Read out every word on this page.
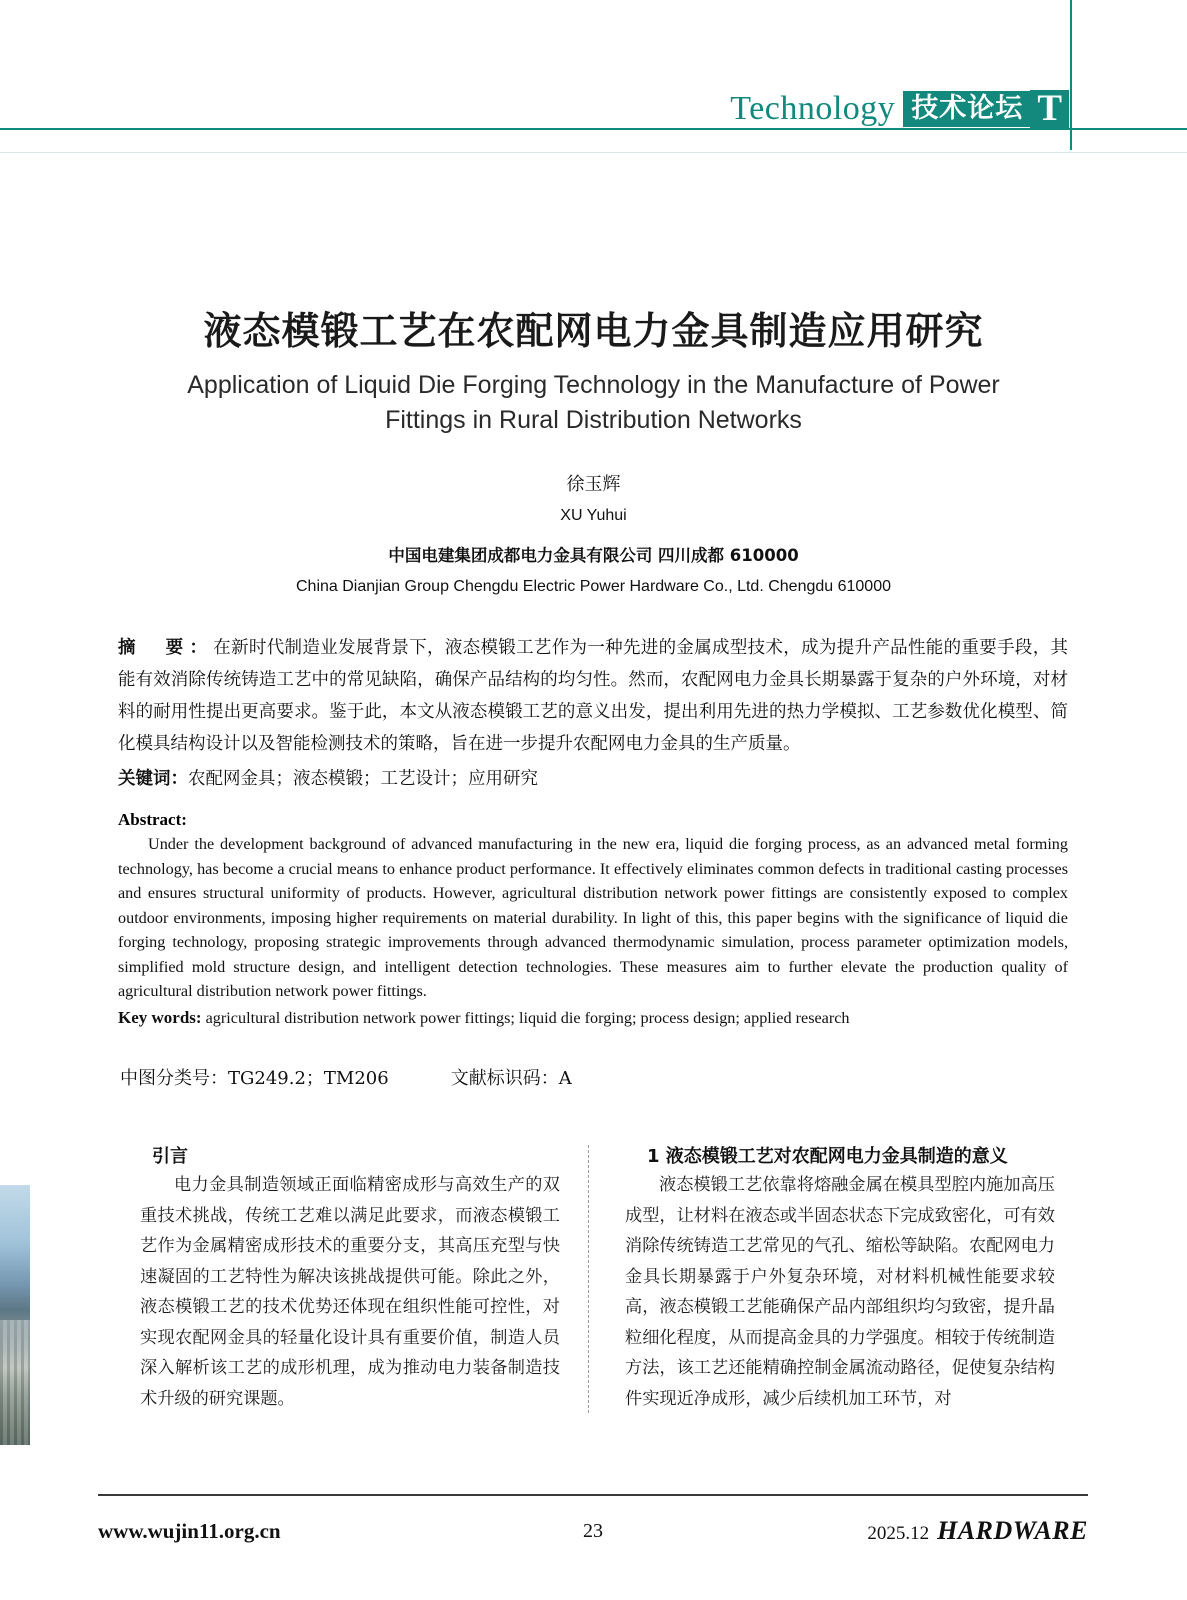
Technology 技术论坛 T
液态模锻工艺在农配网电力金具制造应用研究
Application of Liquid Die Forging Technology in the Manufacture of Power
Fittings in Rural Distribution Networks
徐玉辉
XU Yuhui
中国电建集团成都电力金具有限公司 四川成都 610000
China Dianjian Group Chengdu Electric Power Hardware Co., Ltd. Chengdu 610000
摘　要：在新时代制造业发展背景下，液态模锻工艺作为一种先进的金属成型技术，成为提升产品性能的重要手段，其能有效消除传统铸造工艺中的常见缺陷，确保产品结构的均匀性。然而，农配网电力金具长期暴露于复杂的户外环境，对材料的耐用性提出更高要求。鉴于此，本文从液态模锻工艺的意义出发，提出利用先进的热力学模拟、工艺参数优化模型、简化模具结构设计以及智能检测技术的策略，旨在进一步提升农配网电力金具的生产质量。
关键词：农配网金具；液态模锻；工艺设计；应用研究
Abstract:
Under the development background of advanced manufacturing in the new era, liquid die forging process, as an advanced metal forming technology, has become a crucial means to enhance product performance. It effectively eliminates common defects in traditional casting processes and ensures structural uniformity of products. However, agricultural distribution network power fittings are consistently exposed to complex outdoor environments, imposing higher requirements on material durability. In light of this, this paper begins with the significance of liquid die forging technology, proposing strategic improvements through advanced thermodynamic simulation, process parameter optimization models, simplified mold structure design, and intelligent detection technologies. These measures aim to further elevate the production quality of agricultural distribution network power fittings.
Key words: agricultural distribution network power fittings; liquid die forging; process design; applied research
中图分类号： TG249.2；TM206	文献标识码： A
引言
电力金具制造领域正面临精密成形与高效生产的双重技术挑战，传统工艺难以满足此要求，而液态模锻工艺作为金属精密成形技术的重要分支，其高压充型与快速凝固的工艺特性为解决该挑战提供可能。除此之外，液态模锻工艺的技术优势还体现在组织性能可控性，对实现农配网金具的轻量化设计具有重要价值，制造人员深入解析该工艺的成形机理，成为推动电力装备制造技术升级的研究课题。
1 液态模锻工艺对农配网电力金具制造的意义
液态模锻工艺依靠将熔融金属在模具型腔内施加高压成型，让材料在液态或半固态状态下完成致密化，可有效消除传统铸造工艺常见的气孔、缩松等缺陷。农配网电力金具长期暴露于户外复杂环境，对材料机械性能要求较高，液态模锻工艺能确保产品内部组织均匀致密，提升晶粒细化程度，从而提高金具的力学强度。相较于传统制造方法，该工艺还能精确控制金属流动路径，促使复杂结构件实现近净成形，减少后续机加工环节，对
www.wujin11.org.cn	23	2025.12 HARDWARE
